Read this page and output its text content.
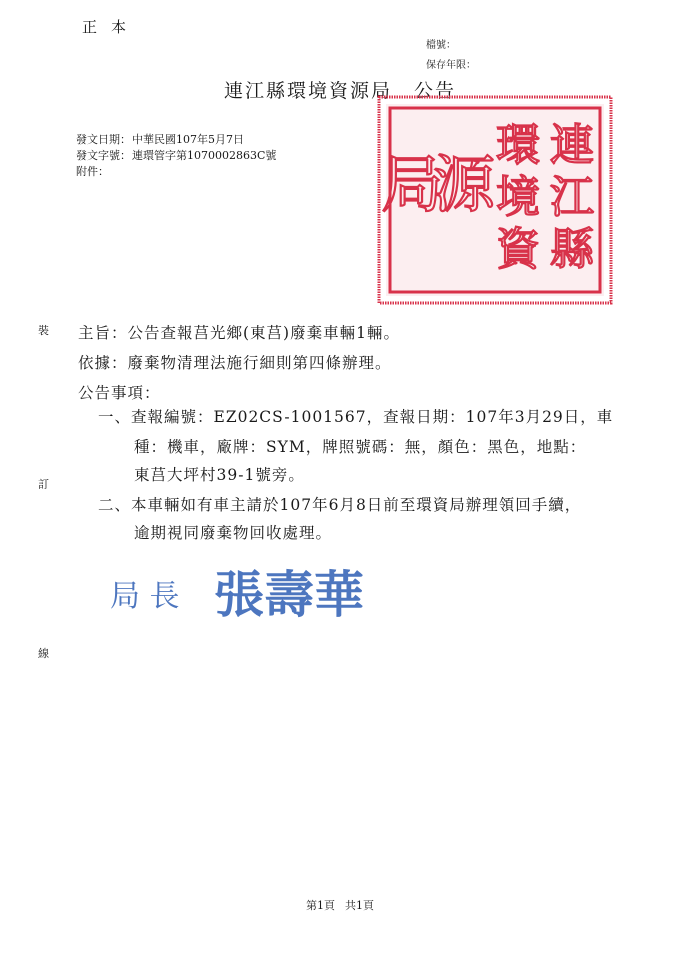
正本
檔號：
保存年限：
連江縣環境資源局 公告
發文日期：中華民國107年5月7日
發文字號：連環管字第1070002863C號
附件：
連
江
縣
環
境
資
源
局
裝
訂
線
主旨：公告查報莒光鄉(東莒)廢棄車輛1輛。
依據：廢棄物清理法施行細則第四條辦理。
公告事項：
一、查報編號：EZ02CS-1001567，查報日期：107年3月29日，車
種：機車，廠牌：SYM，牌照號碼：無，顏色：黑色，地點：
東莒大坪村39-1號旁。
二、本車輛如有車主請於107年6月8日前至環資局辦理領回手續，
逾期視同廢棄物回收處理。
局 長 張壽華
第1頁 共1頁
